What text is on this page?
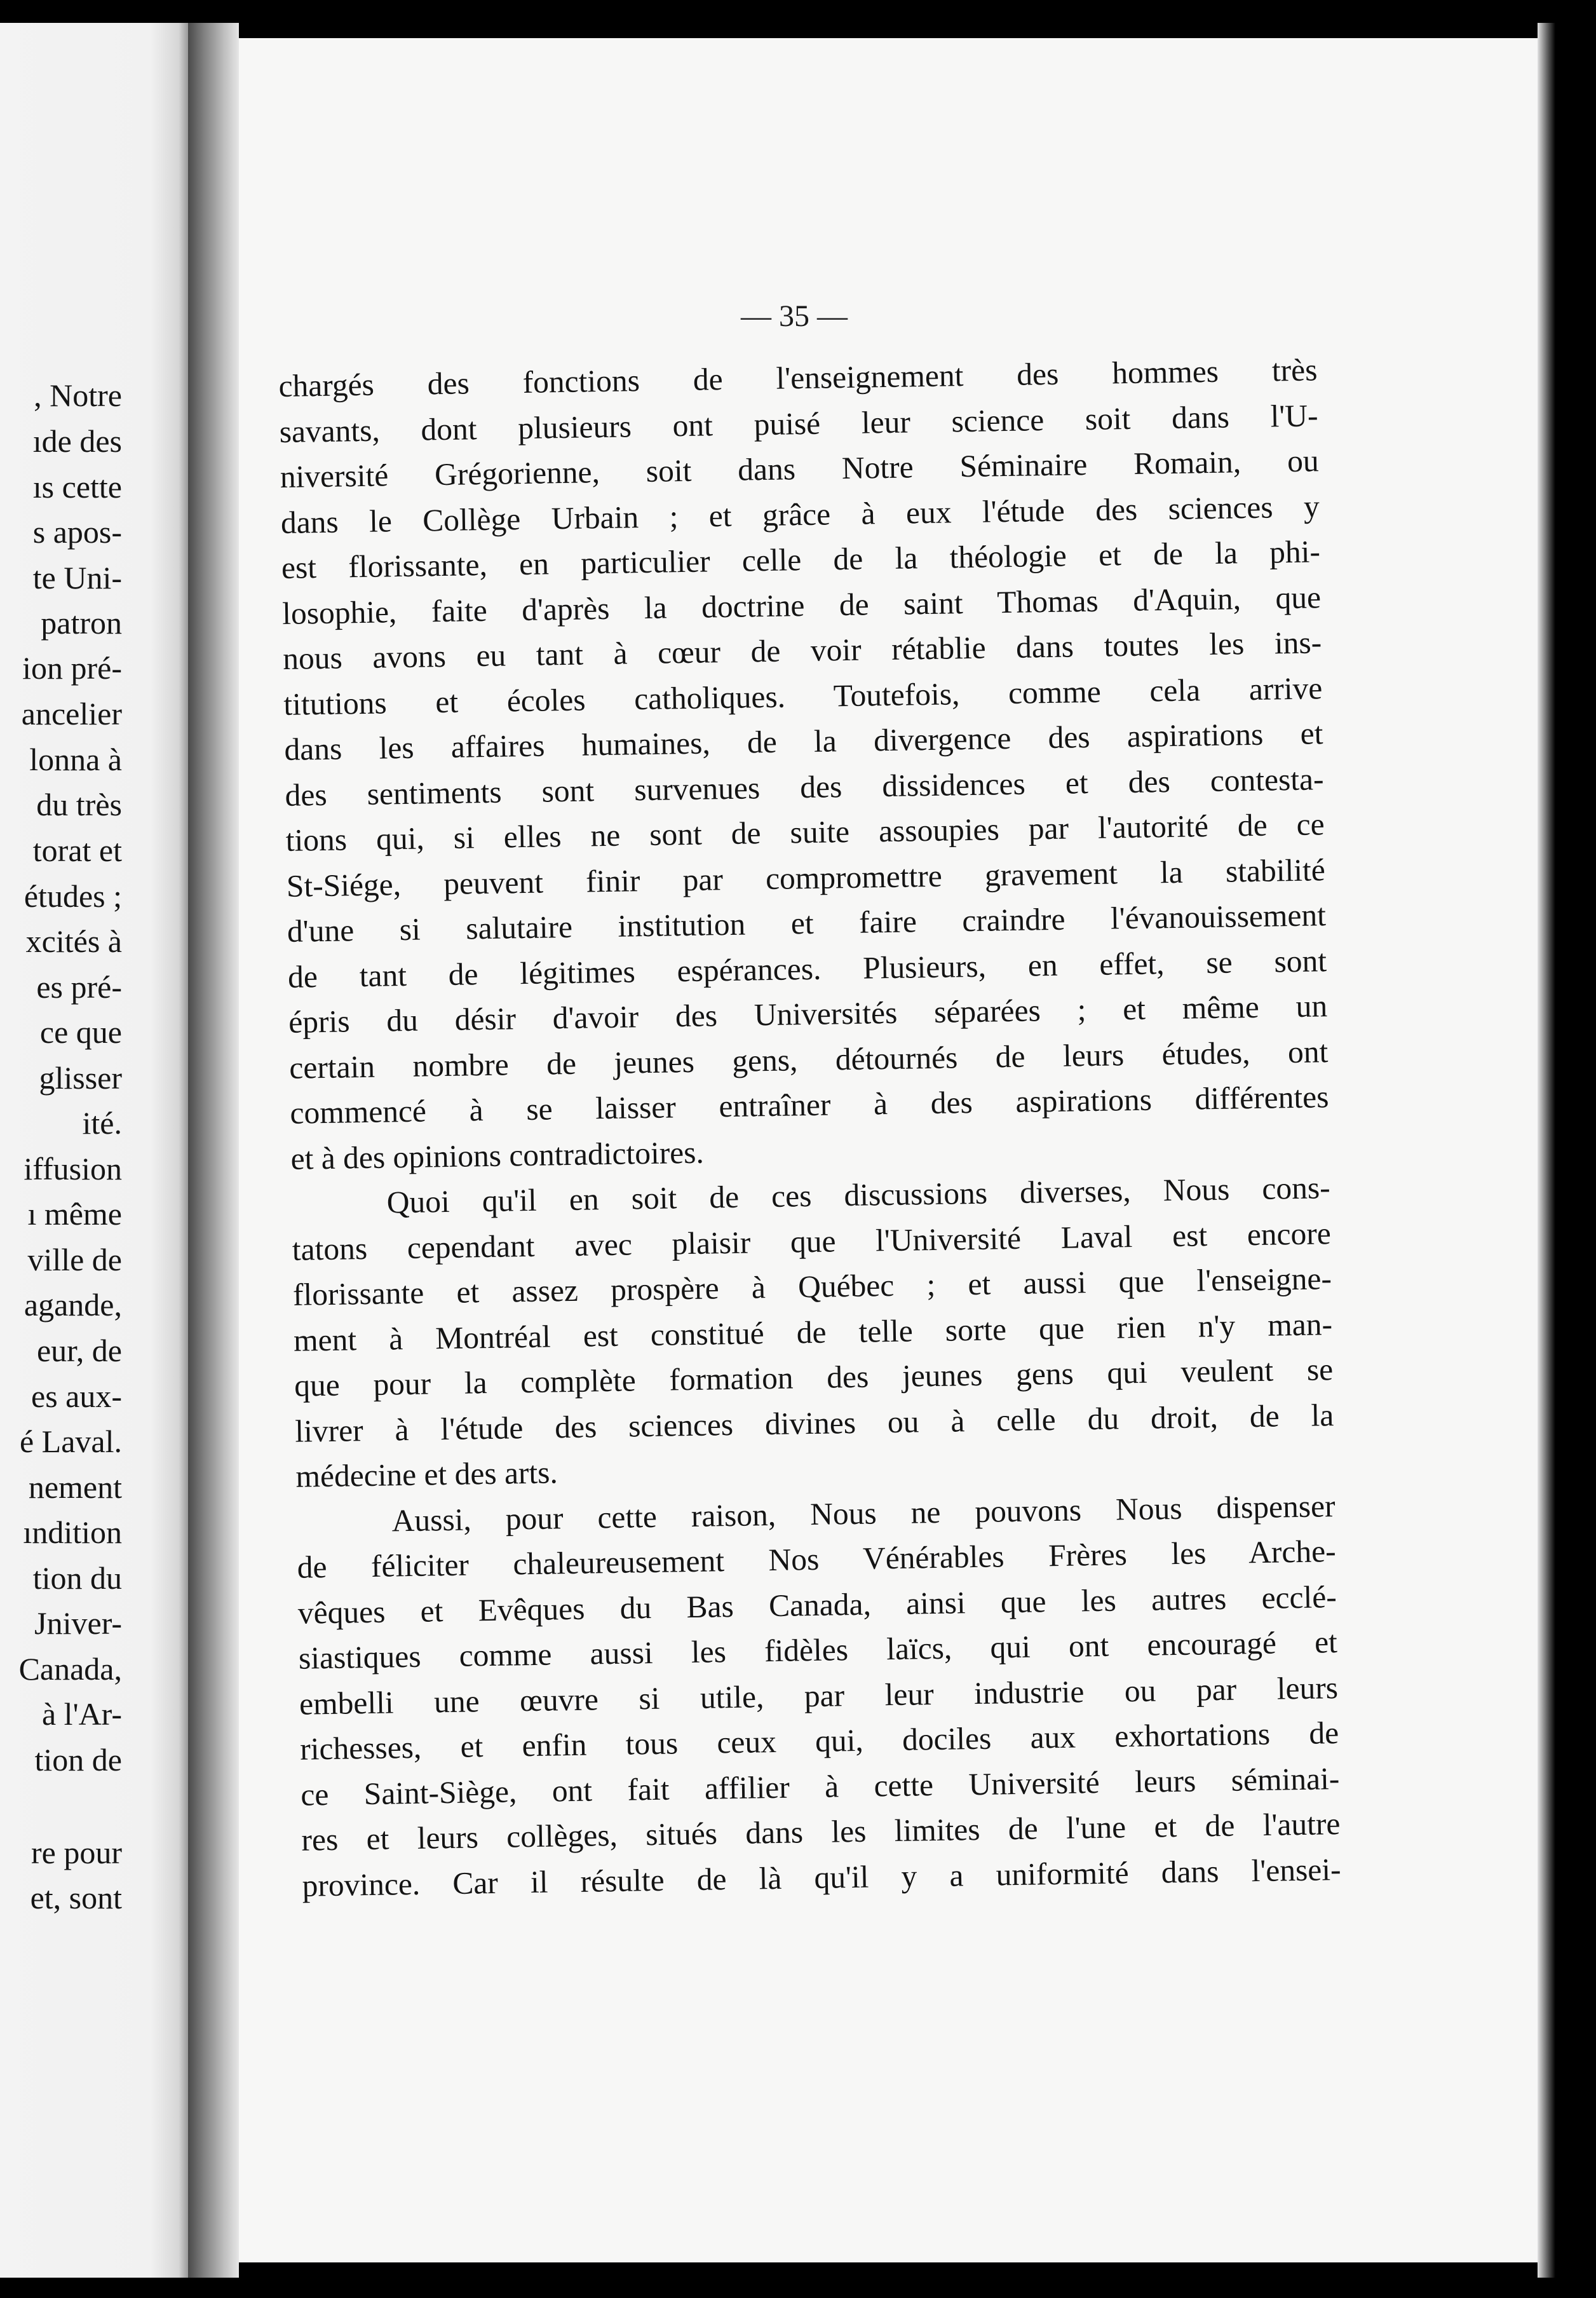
, Notre
ıde des
ıs cette
s apos-
te Uni-
patron
ion pré-
ancelier
lonna à
du très
torat et
études ;
xcités à
es pré-
ce que
glisser
ité.
iffusion
ı même
ville de
agande,
eur, de
es aux-
é Laval.
nement
ındition
tion du
Jniver-
Canada,
à l'Ar-
tion de
re pour
et, sont
— 35 —
chargés des fonctions de l'enseignement des hommes très
savants, dont plusieurs ont puisé leur science soit dans l'U-
niversité Grégorienne, soit dans Notre Séminaire Romain, ou
dans le Collège Urbain ; et grâce à eux l'étude des sciences y
est florissante, en particulier celle de la théologie et de la phi-
losophie, faite d'après la doctrine de saint Thomas d'Aquin, que
nous avons eu tant à cœur de voir rétablie dans toutes les ins-
titutions et écoles catholiques. Toutefois, comme cela arrive
dans les affaires humaines, de la divergence des aspirations et
des sentiments sont survenues des dissidences et des contesta-
tions qui, si elles ne sont de suite assoupies par l'autorité de ce
St-Siége, peuvent finir par compromettre gravement la stabilité
d'une si salutaire institution et faire craindre l'évanouissement
de tant de légitimes espérances. Plusieurs, en effet, se sont
épris du désir d'avoir des Universités séparées ; et même un
certain nombre de jeunes gens, détournés de leurs études, ont
commencé à se laisser entraîner à des aspirations différentes
et à des opinions contradictoires.
Quoi qu'il en soit de ces discussions diverses, Nous cons-
tatons cependant avec plaisir que l'Université Laval est encore
florissante et assez prospère à Québec ; et aussi que l'enseigne-
ment à Montréal est constitué de telle sorte que rien n'y man-
que pour la complète formation des jeunes gens qui veulent se
livrer à l'étude des sciences divines ou à celle du droit, de la
médecine et des arts.
Aussi, pour cette raison, Nous ne pouvons Nous dispenser
de féliciter chaleureusement Nos Vénérables Frères les Arche-
vêques et Evêques du Bas Canada, ainsi que les autres ecclé-
siastiques comme aussi les fidèles laïcs, qui ont encouragé et
embelli une œuvre si utile, par leur industrie ou par leurs
richesses, et enfin tous ceux qui, dociles aux exhortations de
ce Saint-Siège, ont fait affilier à cette Université leurs séminai-
res et leurs collèges, situés dans les limites de l'une et de l'autre
province. Car il résulte de là qu'il y a uniformité dans l'ensei-
